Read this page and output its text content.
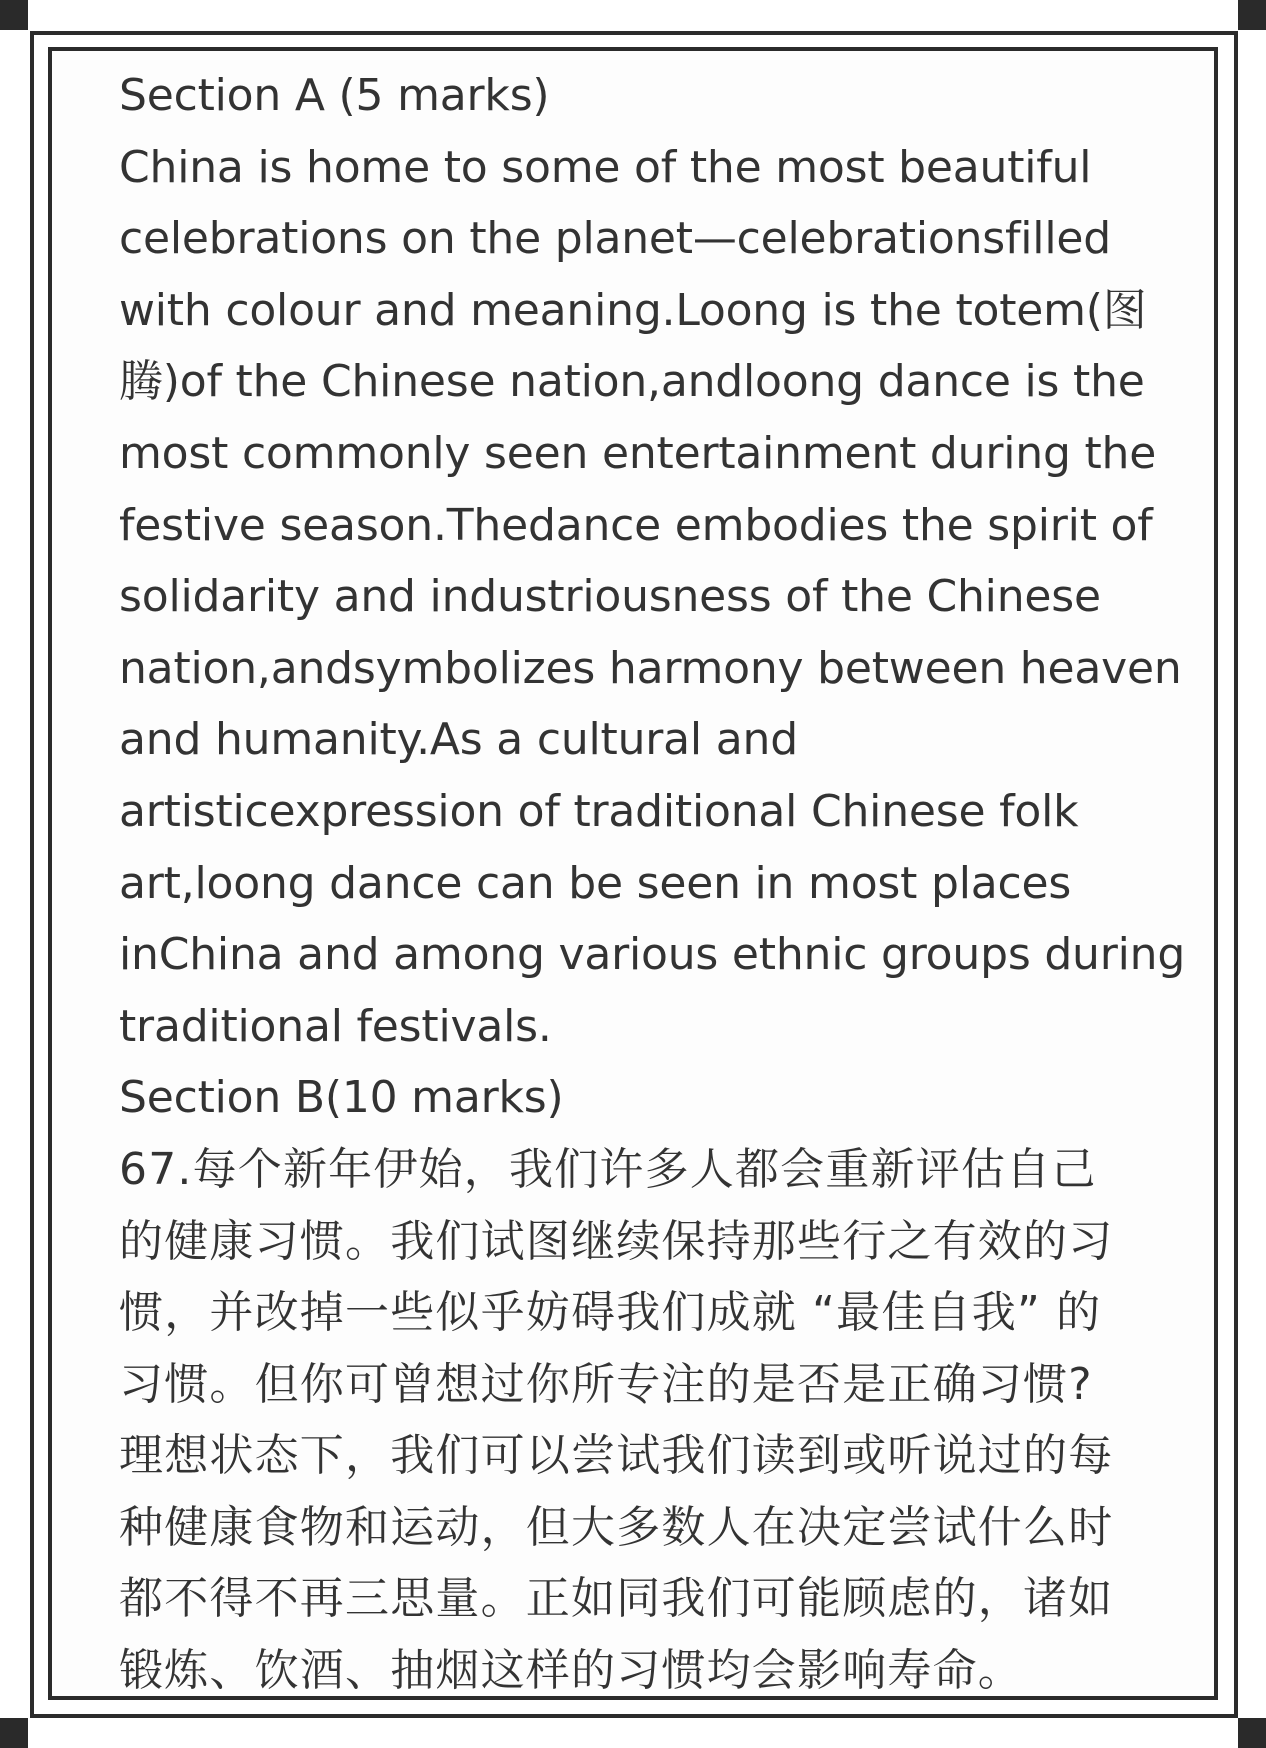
Section A (5 marks)
China is home to some of the most beautiful
celebrations on the planet—celebrationsfilled
with colour and meaning.Loong is the totem(图
腾)of the Chinese nation,andloong dance is the
most commonly seen entertainment during the
festive season.Thedance embodies the spirit of
solidarity and industriousness of the Chinese
nation,andsymbolizes harmony between heaven
and humanity.As a cultural and
artisticexpression of traditional Chinese folk
art,loong dance can be seen in most places
inChina and among various ethnic groups during
traditional festivals.
Section B(10 marks)
67.每个新年伊始，我们许多人都会重新评估自己
的健康习惯。我们试图继续保持那些行之有效的习
惯，并改掉一些似乎妨碍我们成就 “最佳自我” 的
习惯。但你可曾想过你所专注的是否是正确习惯?
理想状态下，我们可以尝试我们读到或听说过的每
种健康食物和运动，但大多数人在决定尝试什么时
都不得不再三思量。正如同我们可能顾虑的，诸如
锻炼、饮酒、抽烟这样的习惯均会影响寿命。
